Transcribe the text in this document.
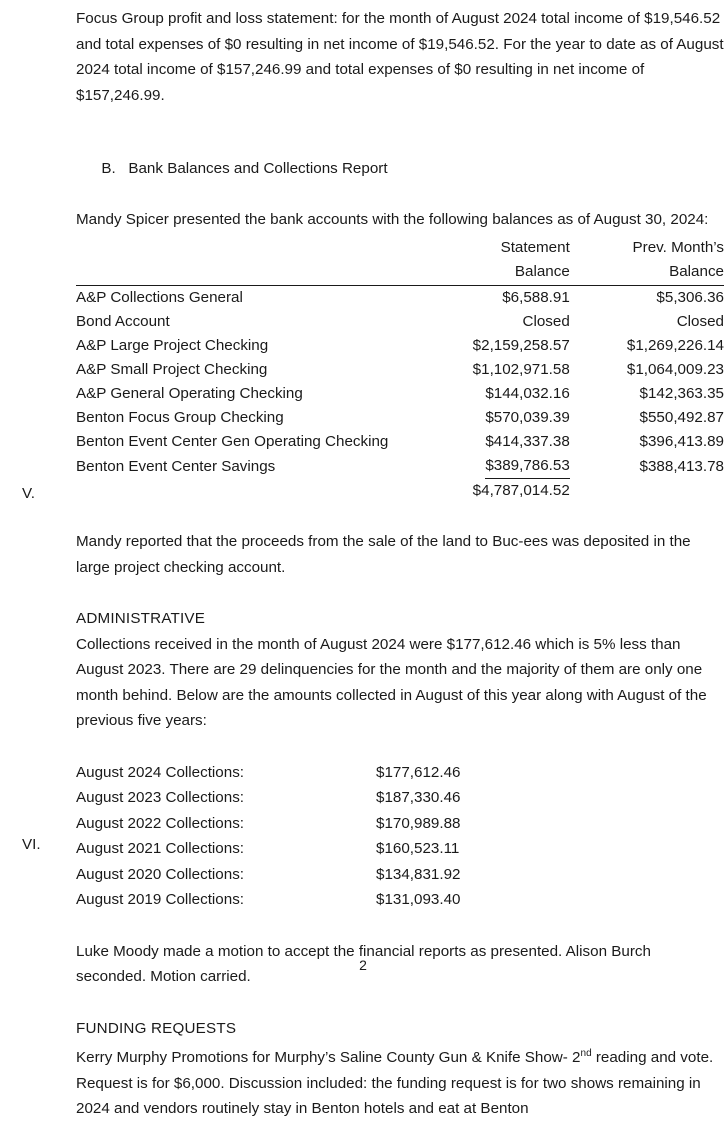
V.
VI.

Focus Group profit and loss statement: for the month of August 2024 total income of $19,546.52 and total expenses of $0 resulting in net income of $19,546.52. For the year to date as of August 2024 total income of $157,246.99 and total expenses of $0 resulting in net income of $157,246.99.

B. Bank Balances and Collections Report

Mandy Spicer presented the bank accounts with the following balances as of August 30, 2024:

	Statement	Prev. Month’s
	Balance	Balance
A&P Collections General	$6,588.91	$5,306.36
Bond Account	Closed	Closed
A&P Large Project Checking	$2,159,258.57	$1,269,226.14
A&P Small Project Checking	$1,102,971.58	$1,064,009.23
A&P General Operating Checking	$144,032.16	$142,363.35
Benton Focus Group Checking	$570,039.39	$550,492.87
Benton Event Center Gen Operating Checking	$414,337.38	$396,413.89
Benton Event Center Savings	$389,786.53	$388,413.78
	$4,787,014.52	

Mandy reported that the proceeds from the sale of the land to Buc-ees was deposited in the large project checking account.

ADMINISTRATIVE

Collections received in the month of August 2024 were $177,612.46 which is 5% less than August 2023. There are 29 delinquencies for the month and the majority of them are only one month behind. Below are the amounts collected in August of this year along with August of the previous five years:

August 2024 Collections:	$177,612.46
August 2023 Collections:	$187,330.46
August 2022 Collections:	$170,989.88
August 2021 Collections:	$160,523.11
August 2020 Collections:	$134,831.92
August 2019 Collections:	$131,093.40

Luke Moody made a motion to accept the financial reports as presented. Alison Burch seconded. Motion carried.

FUNDING REQUESTS

Kerry Murphy Promotions for Murphy’s Saline County Gun & Knife Show- 2nd reading and vote. Request is for $6,000. Discussion included: the funding request is for two shows remaining in 2024 and vendors routinely stay in Benton hotels and eat at Benton

2
